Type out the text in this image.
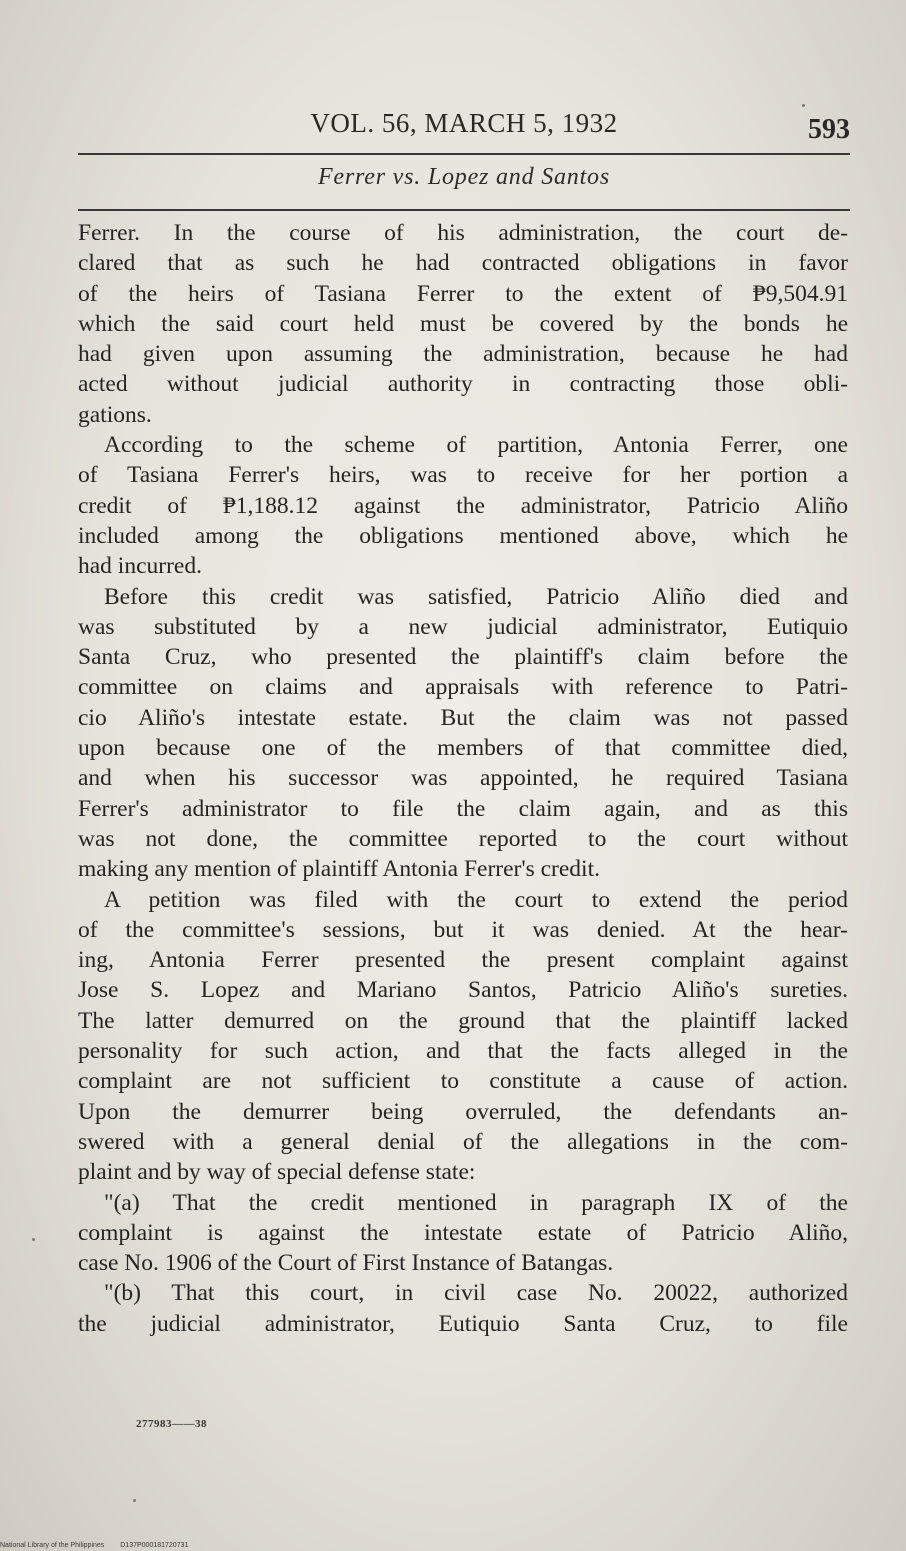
VOL. 56, MARCH 5, 1932	593
Ferrer vs. Lopez and Santos
Ferrer. In the course of his administration, the court de-
clared that as such he had contracted obligations in favor
of the heirs of Tasiana Ferrer to the extent of ₱9,504.91
which the said court held must be covered by the bonds he
had given upon assuming the administration, because he had
acted without judicial authority in contracting those obli-
gations.
According to the scheme of partition, Antonia Ferrer, one
of Tasiana Ferrer's heirs, was to receive for her portion a
credit of ₱1,188.12 against the administrator, Patricio Aliño
included among the obligations mentioned above, which he
had incurred.
Before this credit was satisfied, Patricio Aliño died and
was substituted by a new judicial administrator, Eutiquio
Santa Cruz, who presented the plaintiff's claim before the
committee on claims and appraisals with reference to Patri-
cio Aliño's intestate estate. But the claim was not passed
upon because one of the members of that committee died,
and when his successor was appointed, he required Tasiana
Ferrer's administrator to file the claim again, and as this
was not done, the committee reported to the court without
making any mention of plaintiff Antonia Ferrer's credit.
A petition was filed with the court to extend the period
of the committee's sessions, but it was denied. At the hear-
ing, Antonia Ferrer presented the present complaint against
Jose S. Lopez and Mariano Santos, Patricio Aliño's sureties.
The latter demurred on the ground that the plaintiff lacked
personality for such action, and that the facts alleged in the
complaint are not sufficient to constitute a cause of action.
Upon the demurrer being overruled, the defendants an-
swered with a general denial of the allegations in the com-
plaint and by way of special defense state:
"(a) That the credit mentioned in paragraph IX of the
complaint is against the intestate estate of Patricio Aliño,
case No. 1906 of the Court of First Instance of Batangas.
"(b) That this court, in civil case No. 20022, authorized
the judicial administrator, Eutiquio Santa Cruz, to file
277983——38
National Library of the Philippines D137P000181720731
